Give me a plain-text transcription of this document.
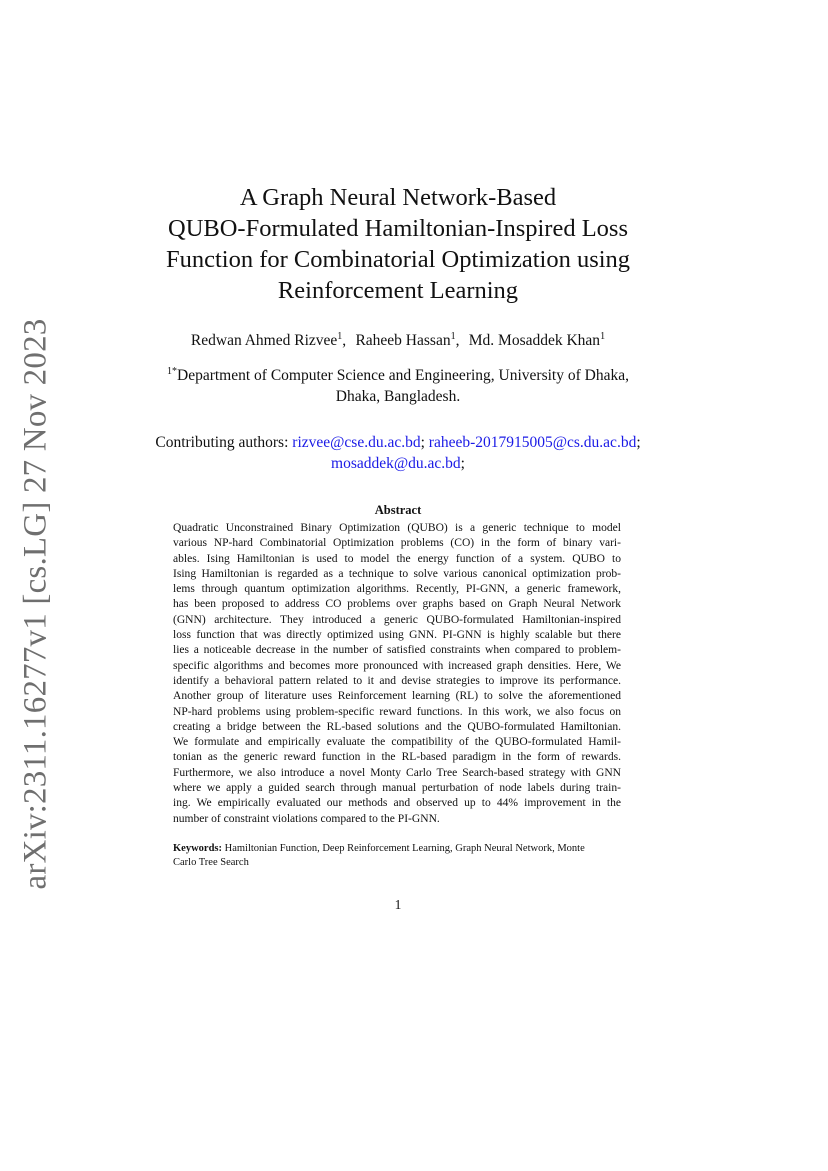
arXiv:2311.16277v1 [cs.LG] 27 Nov 2023
A Graph Neural Network-Based
QUBO-Formulated Hamiltonian-Inspired Loss
Function for Combinatorial Optimization using
Reinforcement Learning
Redwan Ahmed Rizvee$^1$, Raheeb Hassan$^1$, Md. Mosaddek Khan$^1$
$^{1*}$Department of Computer Science and Engineering, University of Dhaka,
Dhaka, Bangladesh.
Contributing authors: rizvee@cse.du.ac.bd; raheeb-2017915005@cs.du.ac.bd;
mosaddek@du.ac.bd;
Abstract
Quadratic Unconstrained Binary Optimization (QUBO) is a generic technique to model
various NP-hard Combinatorial Optimization problems (CO) in the form of binary vari-
ables. Ising Hamiltonian is used to model the energy function of a system. QUBO to
Ising Hamiltonian is regarded as a technique to solve various canonical optimization prob-
lems through quantum optimization algorithms. Recently, PI-GNN, a generic framework,
has been proposed to address CO problems over graphs based on Graph Neural Network
(GNN) architecture. They introduced a generic QUBO-formulated Hamiltonian-inspired
loss function that was directly optimized using GNN. PI-GNN is highly scalable but there
lies a noticeable decrease in the number of satisfied constraints when compared to problem-
specific algorithms and becomes more pronounced with increased graph densities. Here, We
identify a behavioral pattern related to it and devise strategies to improve its performance.
Another group of literature uses Reinforcement learning (RL) to solve the aforementioned
NP-hard problems using problem-specific reward functions. In this work, we also focus on
creating a bridge between the RL-based solutions and the QUBO-formulated Hamiltonian.
We formulate and empirically evaluate the compatibility of the QUBO-formulated Hamil-
tonian as the generic reward function in the RL-based paradigm in the form of rewards.
Furthermore, we also introduce a novel Monty Carlo Tree Search-based strategy with GNN
where we apply a guided search through manual perturbation of node labels during train-
ing. We empirically evaluated our methods and observed up to 44% improvement in the
number of constraint violations compared to the PI-GNN.
Keywords: Hamiltonian Function, Deep Reinforcement Learning, Graph Neural Network, Monte
Carlo Tree Search
1
